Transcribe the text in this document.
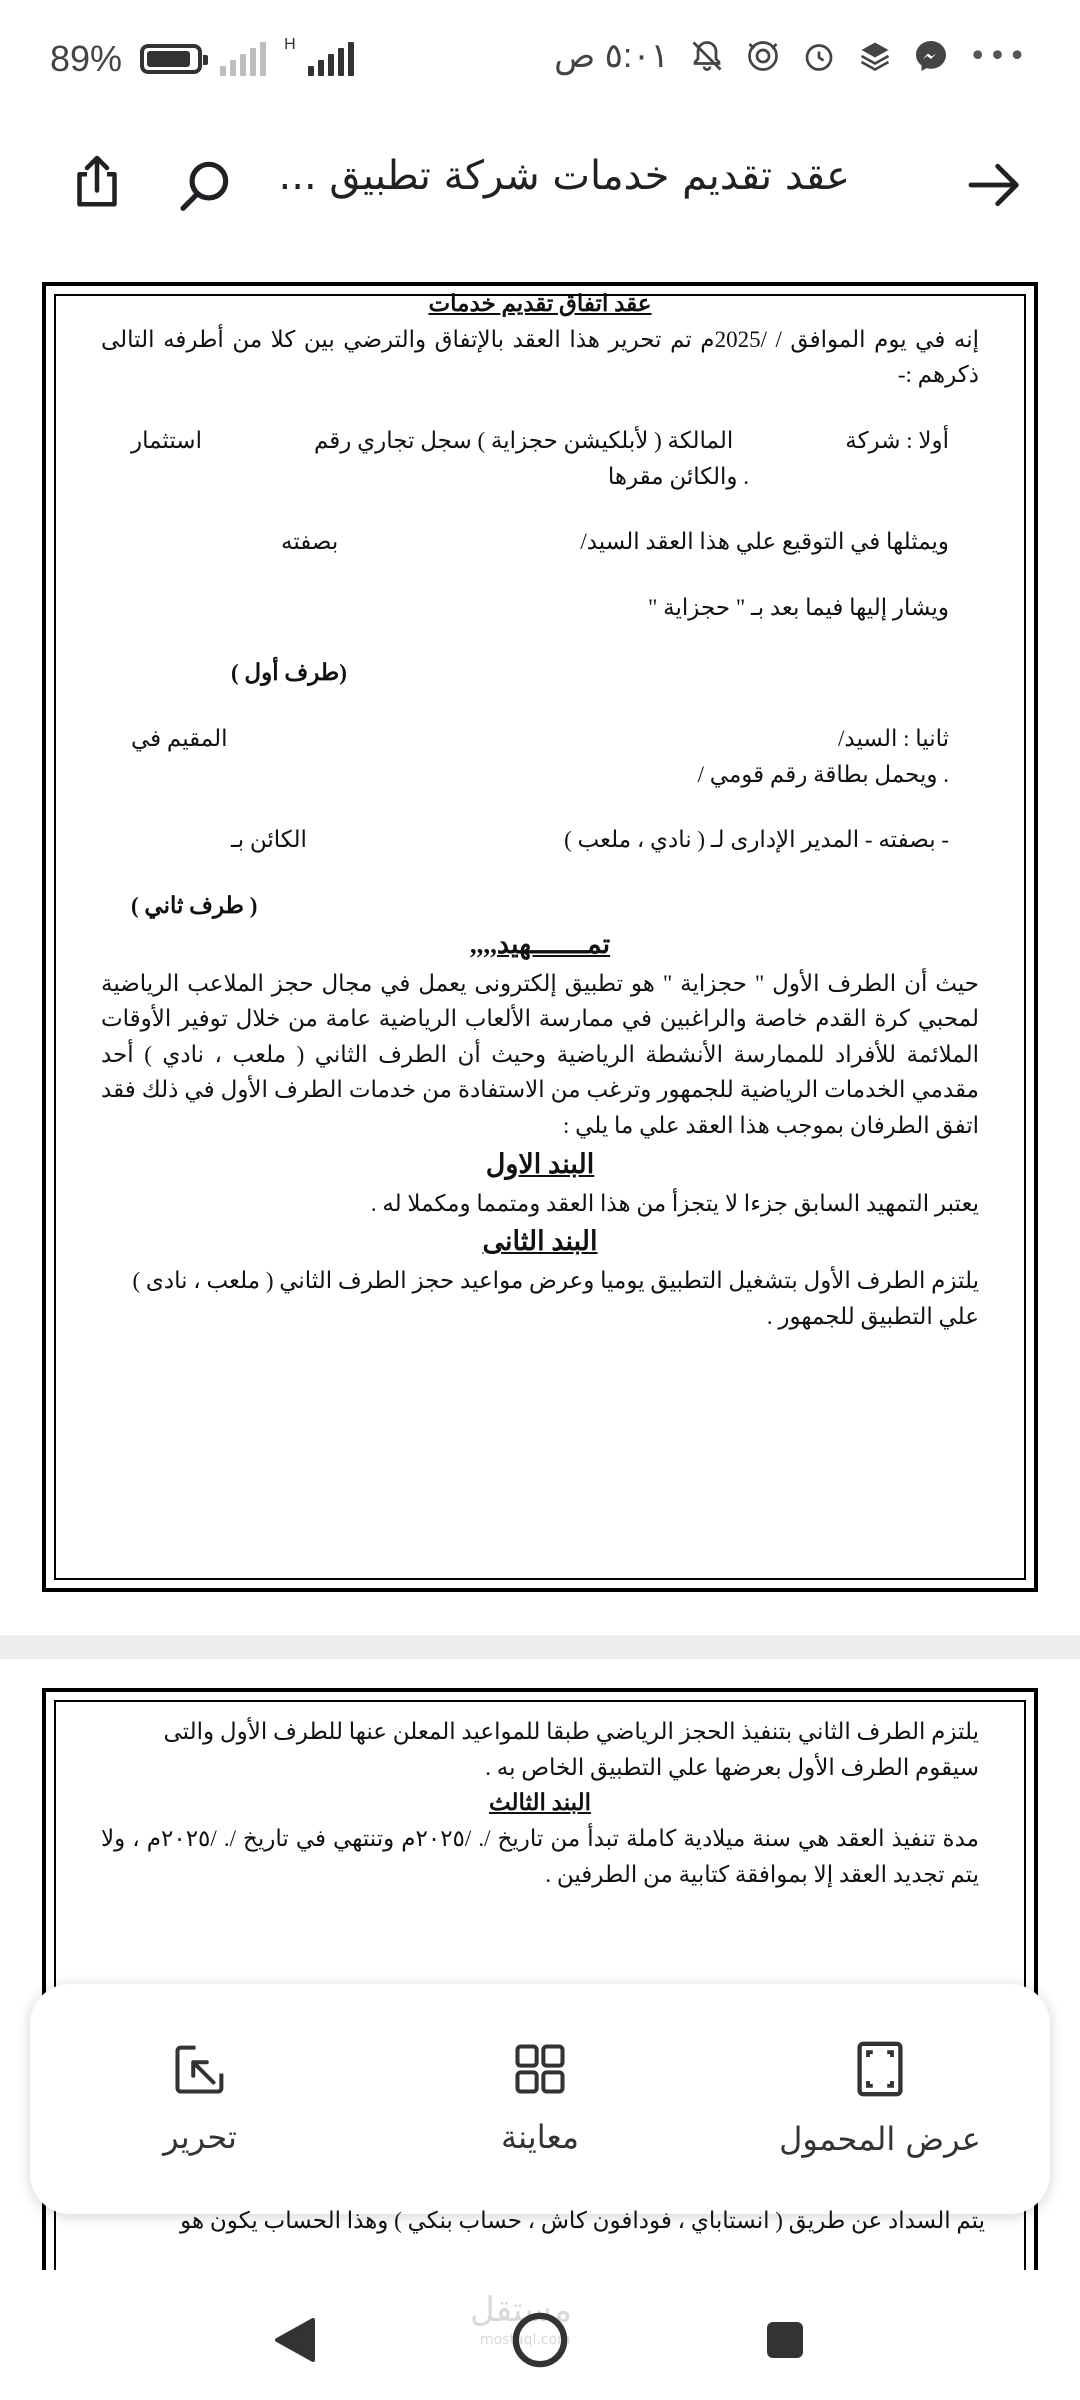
89%	H	٥:٠١ ص	•••
عقد تقديم خدمات شركة تطبيق ...

عقد اتفاق تقديم خدمات

إنه في يوم الموافق / /2025م تم تحرير هذا العقد بالإتفاق والترضي بين كلا من أطرفه التالى ذكرهم :-

أولا : شركة
المالكة ( لأبلكيشن حجزاية ) سجل تجاري رقم
استثمار

. والكائن مقرها

ويمثلها في التوقيع علي هذا العقد السيد/
بصفته

ويشار إليها فيما بعد بـ " حجزاية "

(طرف أول )

ثانيا : السيد/
المقيم في

. ويحمل بطاقة رقم قومي /

- بصفته - المدير الإدارى لـ ( نادي ، ملعب )
الكائن بـ

( طرف ثاني )

تمـــــــهيد,,,,

حيث أن الطرف الأول " حجزاية " هو تطبيق إلكترونى يعمل في مجال حجز الملاعب الرياضية لمحبي كرة القدم خاصة والراغبين في ممارسة الألعاب الرياضية عامة من خلال توفير الأوقات الملائمة للأفراد للممارسة الأنشطة الرياضية وحيث أن الطرف الثاني ( ملعب ، نادي ) أحد مقدمي الخدمات الرياضية للجمهور وترغب من الاستفادة من خدمات الطرف الأول في ذلك فقد اتفق الطرفان بموجب هذا العقد علي ما يلي :

البند الاول

يعتبر التمهيد السابق جزءا لا يتجزأ من هذا العقد ومتمما ومكملا له .

البند الثانى

يلتزم الطرف الأول بتشغيل التطبيق يوميا وعرض مواعيد حجز الطرف الثاني ( ملعب ، نادى ) علي التطبيق للجمهور .

يلتزم الطرف الثاني بتنفيذ الحجز الرياضي طبقا للمواعيد المعلن عنها للطرف الأول والتى سيقوم الطرف الأول بعرضها علي التطبيق الخاص به .

البند الثالث

مدة تنفيذ العقد هي سنة ميلادية كاملة تبدأ من تاريخ /. /٢٠٢٥م وتنتهي في تاريخ /. /٢٠٢٥م ، ولا يتم تجديد العقد إلا بموافقة كتابية من الطرفين .

عرض المحمول
معاينة
تحرير
يتم السداد عن طريق ( انستاباي ، فودافون كاش ، حساب بنكي ) وهذا الحساب يكون هو
مستقل
mostaql.com
